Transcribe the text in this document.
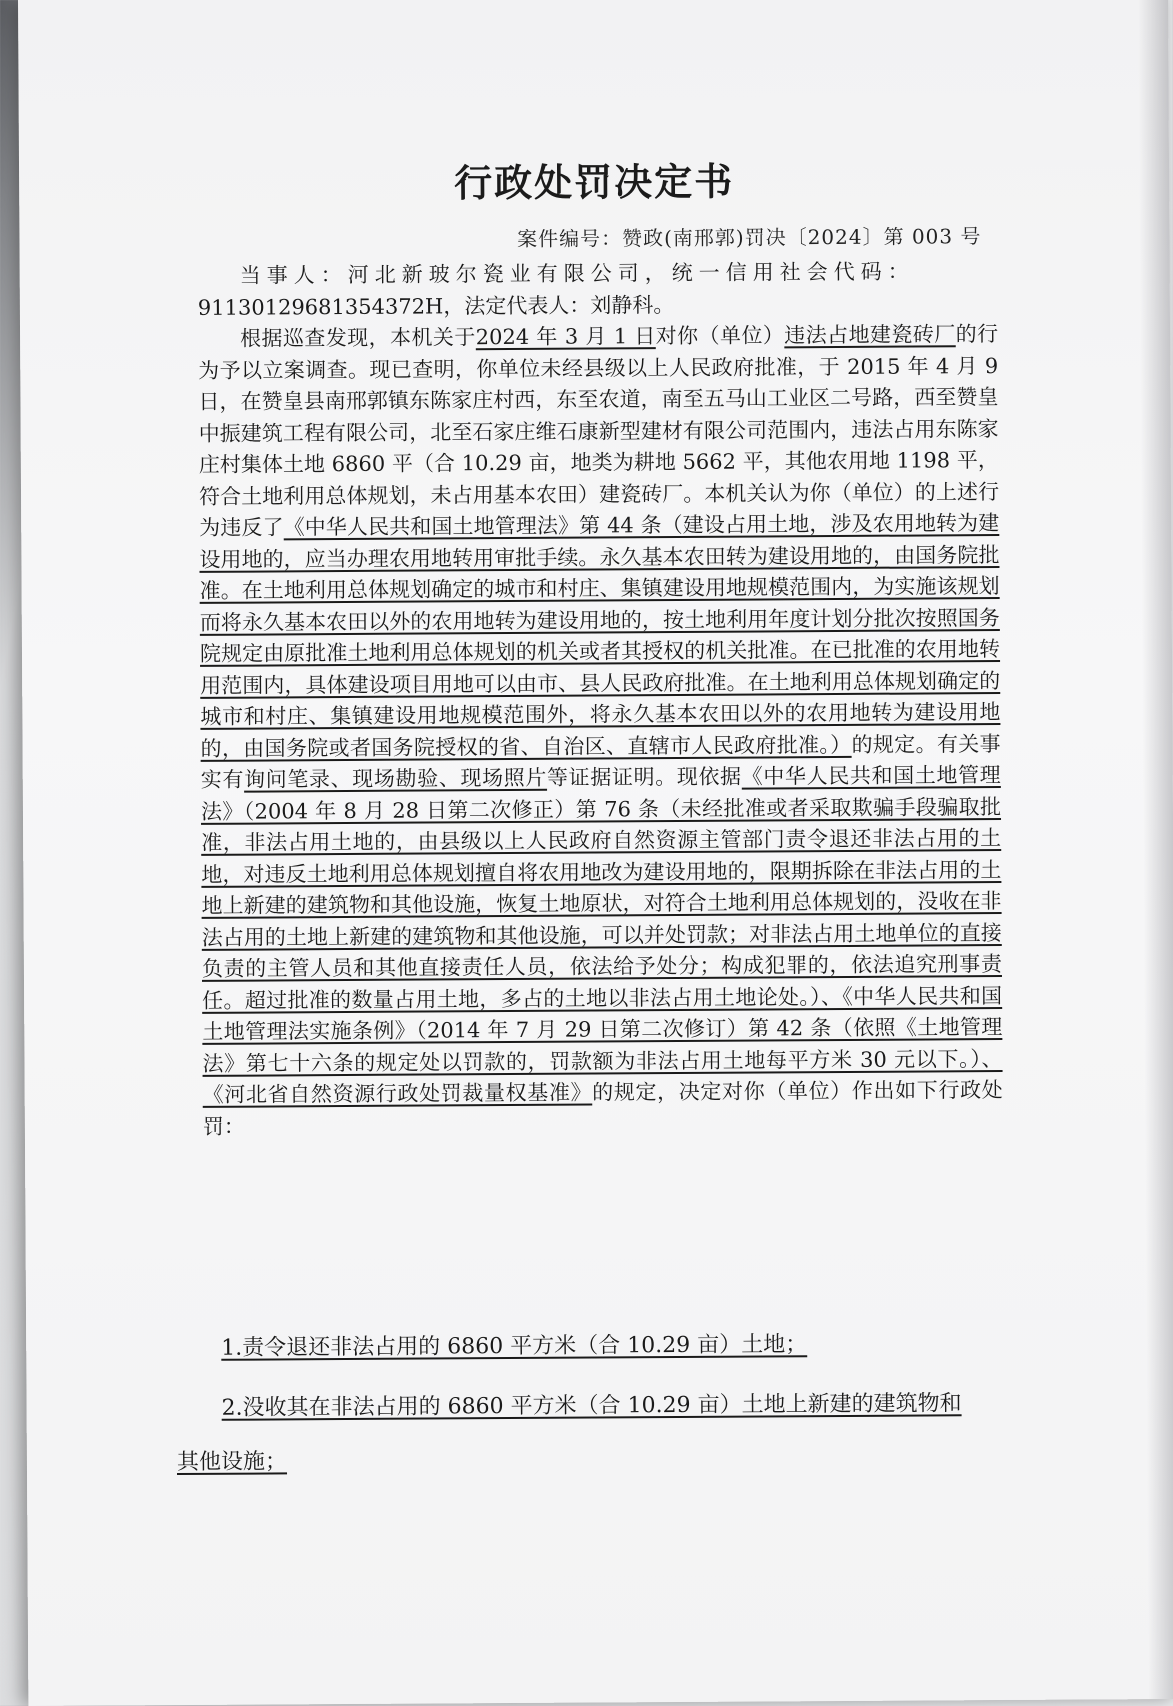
行政处罚决定书
案件编号：赞政(南邢郭)罚决〔2024〕第 003 号

当事人：河北新玻尔瓷业有限公司，统一信用社会代码：

91130129681354372H，法定代表人：刘静科。

根据巡查发现，本机关于2024 年 3 月 1 日对你（单位）违法占地建瓷砖厂的行为予以立案调查。现已查明，你单位未经县级以上人民政府批准，于 2015 年 4 月 9 日，在赞皇县南邢郭镇东陈家庄村西，东至农道，南至五马山工业区二号路，西至赞皇中振建筑工程有限公司，北至石家庄维石康新型建材有限公司范围内，违法占用东陈家庄村集体土地 6860 平（合 10.29 亩，地类为耕地 5662 平，其他农用地 1198 平，符合土地利用总体规划，未占用基本农田）建瓷砖厂。本机关认为你（单位）的上述行为违反了《中华人民共和国土地管理法》第 44 条（建设占用土地，涉及农用地转为建设用地的，应当办理农用地转用审批手续。永久基本农田转为建设用地的，由国务院批准。在土地利用总体规划确定的城市和村庄、集镇建设用地规模范围内，为实施该规划而将永久基本农田以外的农用地转为建设用地的，按土地利用年度计划分批次按照国务院规定由原批准土地利用总体规划的机关或者其授权的机关批准。在已批准的农用地转用范围内，具体建设项目用地可以由市、县人民政府批准。在土地利用总体规划确定的城市和村庄、集镇建设用地规模范围外，将永久基本农田以外的农用地转为建设用地的，由国务院或者国务院授权的省、自治区、直辖市人民政府批准。）的规定。有关事实有询问笔录、现场勘验、现场照片等证据证明。现依据《中华人民共和国土地管理法》（2004 年 8 月 28 日第二次修正）第 76 条（未经批准或者采取欺骗手段骗取批准，非法占用土地的，由县级以上人民政府自然资源主管部门责令退还非法占用的土地，对违反土地利用总体规划擅自将农用地改为建设用地的，限期拆除在非法占用的土地上新建的建筑物和其他设施，恢复土地原状，对符合土地利用总体规划的，没收在非法占用的土地上新建的建筑物和其他设施，可以并处罚款；对非法占用土地单位的直接负责的主管人员和其他直接责任人员，依法给予处分；构成犯罪的，依法追究刑事责任。超过批准的数量占用土地，多占的土地以非法占用土地论处。）、《中华人民共和国土地管理法实施条例》（2014 年 7 月 29 日第二次修订）第 42 条（依照《土地管理法》第七十六条的规定处以罚款的，罚款额为非法占用土地每平方米 30 元以下。）、《河北省自然资源行政处罚裁量权基准》的规定，决定对你（单位）作出如下行政处罚：

1.责令退还非法占用的 6860 平方米（合 10.29 亩）土地；
2.没收其在非法占用的 6860 平方米（合 10.29 亩）土地上新建的建筑物和
其他设施；
